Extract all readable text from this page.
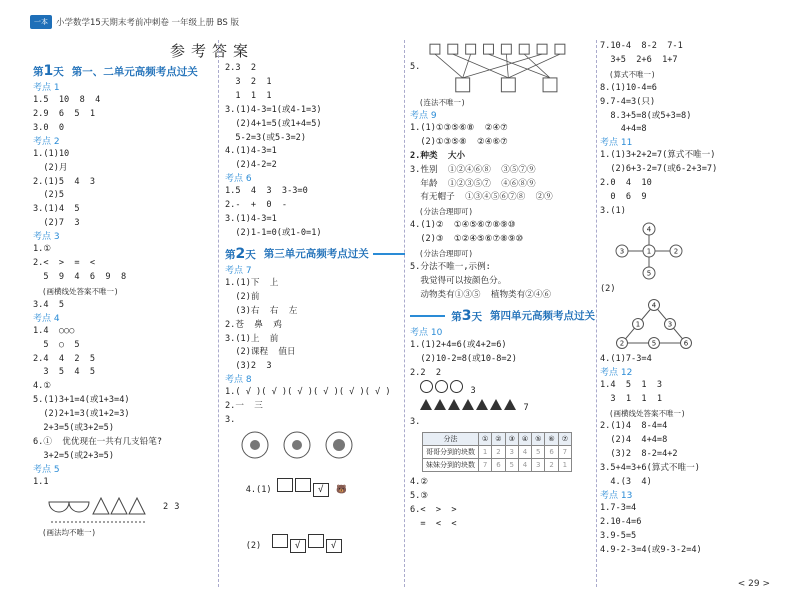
一本 小学数学15天期末考前冲刺卷 一年级上册 BS 版
参考答案
第1天 第一、二单元高频考点过关
考点 1
1.5  10  8  4
2.9  6  5  1
3.0  0
考点 2
1.(1)10
(2)月
2.(1)5  4  3
(2)5
3.(1)4  5
(2)7  3
考点 3
1.①
2.<  >  =  <
5  9  4  6  9  8
(画横线处答案不唯一)
3.4  5
考点 4
1.4  ○○○
5  ○  5
2.4  4  2  5
3  5  4  5
4.①
5.(1)3+1=4(或1+3=4)
(2)2+1=3(或1+2=3)
2+3=5(或3+2=5)
6.①  优优现在一共有几支铅笔?
3+2=5(或2+3=5)
考点 5
1.1
2 3
(画法均不唯一)
2.3  2
3  2  1
1  1  1
3.(1)4-3=1(或4-1=3)
(2)4+1=5(或1+4=5)
5-2=3(或5-3=2)
4.(1)4-3=1
(2)4-2=2
考点 6
1.5  4  3  3-3=0
2.-  +  0  -
3.(1)4-3=1
(2)1-1=0(或1-0=1)
第2天 第三单元高频考点过关
考点 7
1.(1)下  上
(2)前
(3)右  右  左
2.苍  鼻  鸡
3.(1)上  前
(2)课程  值日
(3)2  3
考点 8
1.( √ )( √ )( √ )( √ )( √ )( √ )
2.一  三
3.

4.(1)	√ 🐻

(2)	√	√

5.
(连法不唯一)
考点 9
1.(1)①③⑤⑥⑧  ②④⑦
(2)①③⑤⑧  ②④⑥⑦
2.种类  大小
3.性别  ①②④⑥⑧  ③⑤⑦⑨
年龄  ①②③⑤⑦  ④⑥⑧⑨
有无帽子  ①③④⑤⑥⑦⑧  ②⑨
(分法合理即可)
4.(1)②  ①④⑤⑥⑦⑧⑨⑩
(2)③  ①②④⑤⑥⑦⑧⑨⑩
(分法合理即可)
5.分法不唯一,示例:
我觉得可以按颜色分。
动物类有①③⑤  植物类有②④⑥
第3天 第四单元高频考点过关
考点 10
1.(1)2+4=6(或4+2=6)
(2)10-2=8(或10-8=2)
2.2  2
3
7
3.
分法	①	②	③	④	⑤	⑥	⑦
哥哥分到的块数	1	2	3	4	5	6	7
妹妹分到的块数	7	6	5	4	3	2	1
4.②
5.③
6.<  >  >
=  <  <
7.10-4  8-2  7-1
3+5  2+6  1+7
(算式不唯一)
8.(1)10-4=6
9.7-4=3(只)
8.3+5=8(或5+3=8)
4+4=8
考点 11
1.(1)3+2+2=7(算式不唯一)
(2)6+3-2=7(或6-2+3=7)
2.0  4  10
0  6  9
3.(1)
4
3	1	2
5
(2)
4
1	3
2	5	6
4.(1)7-3=4
考点 12
1.4  5  1  3
3  1  1  1
(画横线处答案不唯一)
2.(1)4  8-4=4
(2)4  4+4=8
(3)2  8-2=4+2
3.5+4=3+6(算式不唯一)
4.(3  4)
考点 13
1.7-3=4
2.10-4=6
3.9-5=5
4.9-2-3=4(或9-3-2=4)
< 29 >
